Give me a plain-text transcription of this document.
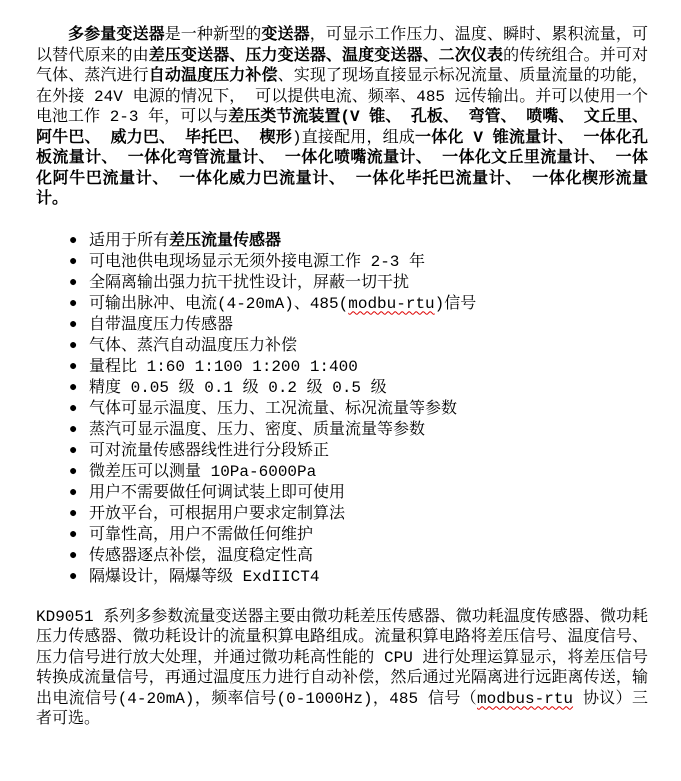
多参量变送器是一种新型的变送器，可显示工作压力、温度、瞬时、累积流量，可以替代原来的由差压变送器、压力变送器、温度变送器、二次仪表的传统组合。并可对气体、蒸汽进行自动温度压力补偿、实现了现场直接显示标况流量、质量流量的功能，在外接 24V 电源的情况下， 可以提供电流、频率、485 远传输出。并可以使用一个电池工作 2-3 年，可以与差压类节流装置(V 锥、 孔板、 弯管、 喷嘴、 文丘里、 阿牛巴、 威力巴、 毕托巴、 楔形)直接配用，组成一体化 V 锥流量计、 一体化孔板流量计、 一体化弯管流量计、 一体化喷嘴流量计、 一体化文丘里流量计、 一体化阿牛巴流量计、 一体化威力巴流量计、 一体化毕托巴流量计、 一体化楔形流量计。

● 适用于所有差压流量传感器
● 可电池供电现场显示无须外接电源工作 2-3 年
● 全隔离输出强力抗干扰性设计，屏蔽一切干扰
● 可输出脉冲、电流(4-20mA)、485(modbu-rtu)信号
● 自带温度压力传感器
● 气体、蒸汽自动温度压力补偿
● 量程比 1:60 1:100 1:200 1:400
● 精度 0.05 级 0.1 级 0.2 级 0.5 级
● 气体可显示温度、压力、工况流量、标况流量等参数
● 蒸汽可显示温度、压力、密度、质量流量等参数
● 可对流量传感器线性进行分段矫正
● 微差压可以测量 10Pa-6000Pa
● 用户不需要做任何调试装上即可使用
● 开放平台，可根据用户要求定制算法
● 可靠性高，用户不需做任何维护
● 传感器逐点补偿，温度稳定性高
● 隔爆设计，隔爆等级 ExdIICT4

KD9051 系列多参数流量变送器主要由微功耗差压传感器、微功耗温度传感器、微功耗压力传感器、微功耗设计的流量积算电路组成。流量积算电路将差压信号、温度信号、压力信号进行放大处理，并通过微功耗高性能的 CPU 进行处理运算显示，将差压信号转换成流量信号，再通过温度压力进行自动补偿，然后通过光隔离进行远距离传送，输出电流信号(4-20mA)，频率信号(0-1000Hz)，485 信号（modbus-rtu 协议）三者可选。
